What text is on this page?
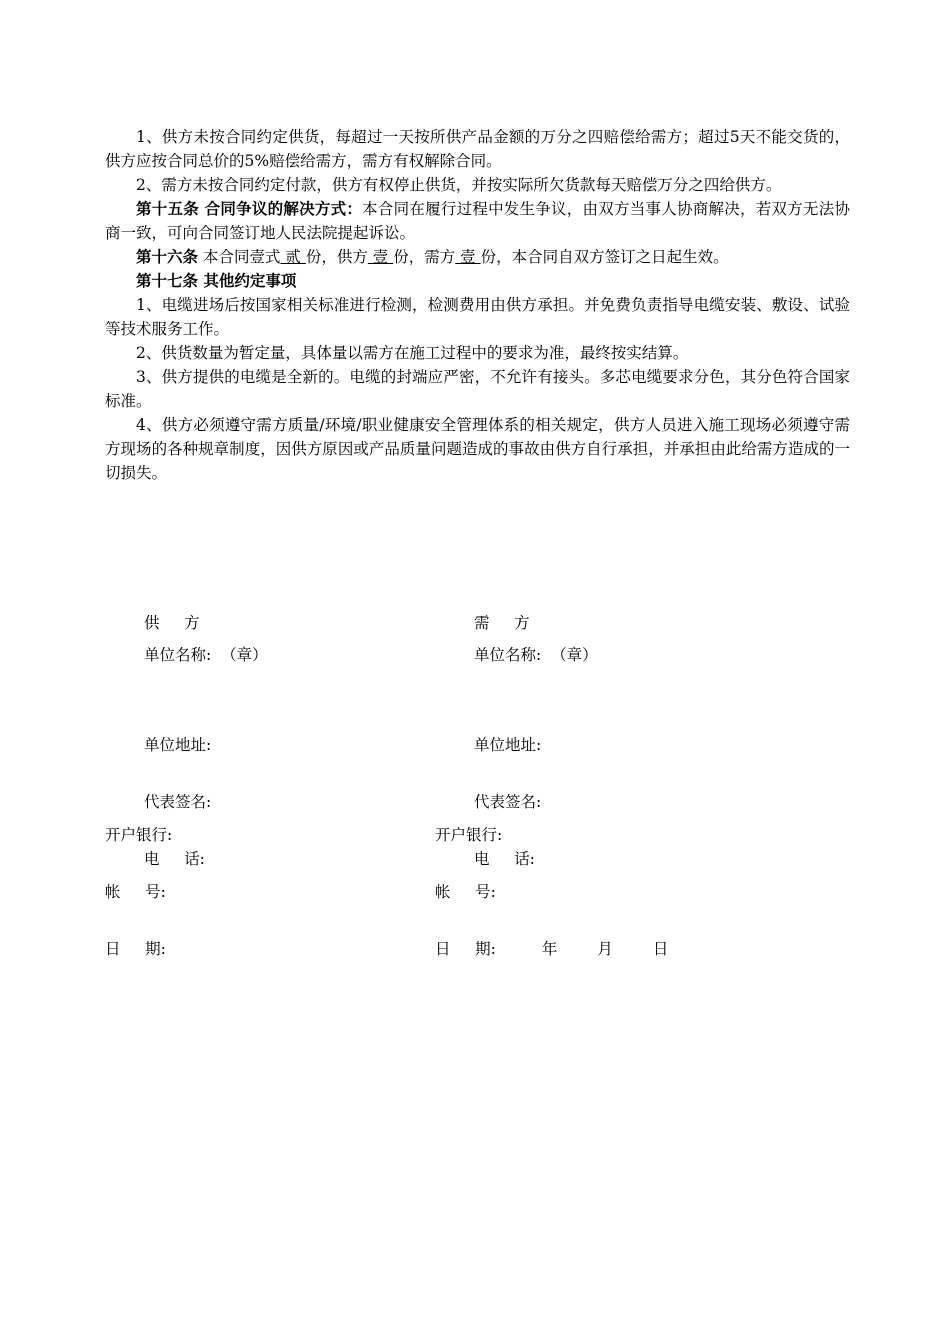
1、供方未按合同约定供货，每超过一天按所供产品金额的万分之四赔偿给需方；超过5天不能交货的，供方应按合同总价的5%赔偿给需方，需方有权解除合同。

2、需方未按合同约定付款，供方有权停止供货，并按实际所欠货款每天赔偿万分之四给供方。

第十五条 合同争议的解决方式：本合同在履行过程中发生争议，由双方当事人协商解决，若双方无法协商一致，可向合同签订地人民法院提起诉讼。

第十六条 本合同壹式 贰 份，供方 壹 份，需方 壹 份，本合同自双方签订之日起生效。

第十七条 其他约定事项

1、电缆进场后按国家相关标准进行检测，检测费用由供方承担。并免费负责指导电缆安装、敷设、试验等技术服务工作。

2、供货数量为暂定量，具体量以需方在施工过程中的要求为准，最终按实结算。

3、供方提供的电缆是全新的。电缆的封端应严密，不允许有接头。多芯电缆要求分色，其分色符合国家标准。

4、供方必须遵守需方质量/环境/职业健康安全管理体系的相关规定，供方人员进入施工现场必须遵守需方现场的各种规章制度，因供方原因或产品质量问题造成的事故由供方自行承担，并承担由此给需方造成的一切损失。

供     方
单位名称:  （章）

单位地址:

代表签名:

电     话:

开户银行:

帐     号:

日     期:

需     方
单位名称:  （章）

单位地址:

代表签名:

电     话:

开户银行:

帐     号:

日     期:	年	月	日
